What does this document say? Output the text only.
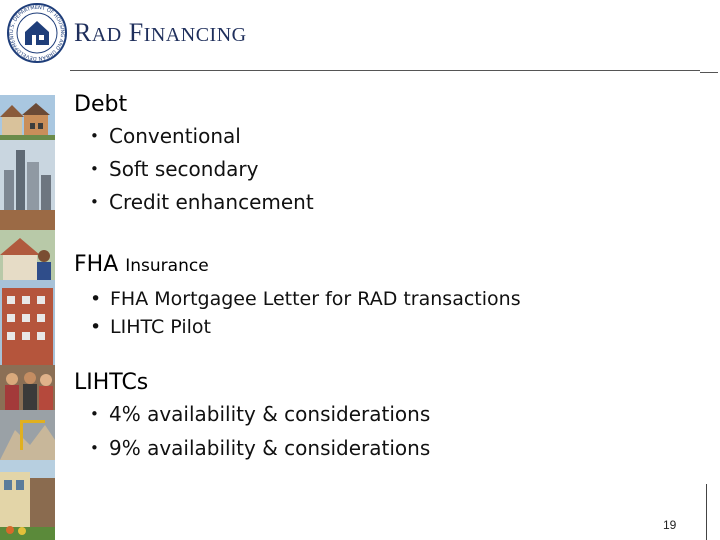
U.S. DEPARTMENT OF HOUSING AND URBAN DEVELOPMENT	RAD FINANCING
Debt
• Conventional
• Soft secondary
• Credit enhancement
FHA Insurance
• FHA Mortgagee Letter for RAD transactions
• LIHTC Pilot
LIHTCs
• 4% availability & considerations
• 9% availability & considerations
19
